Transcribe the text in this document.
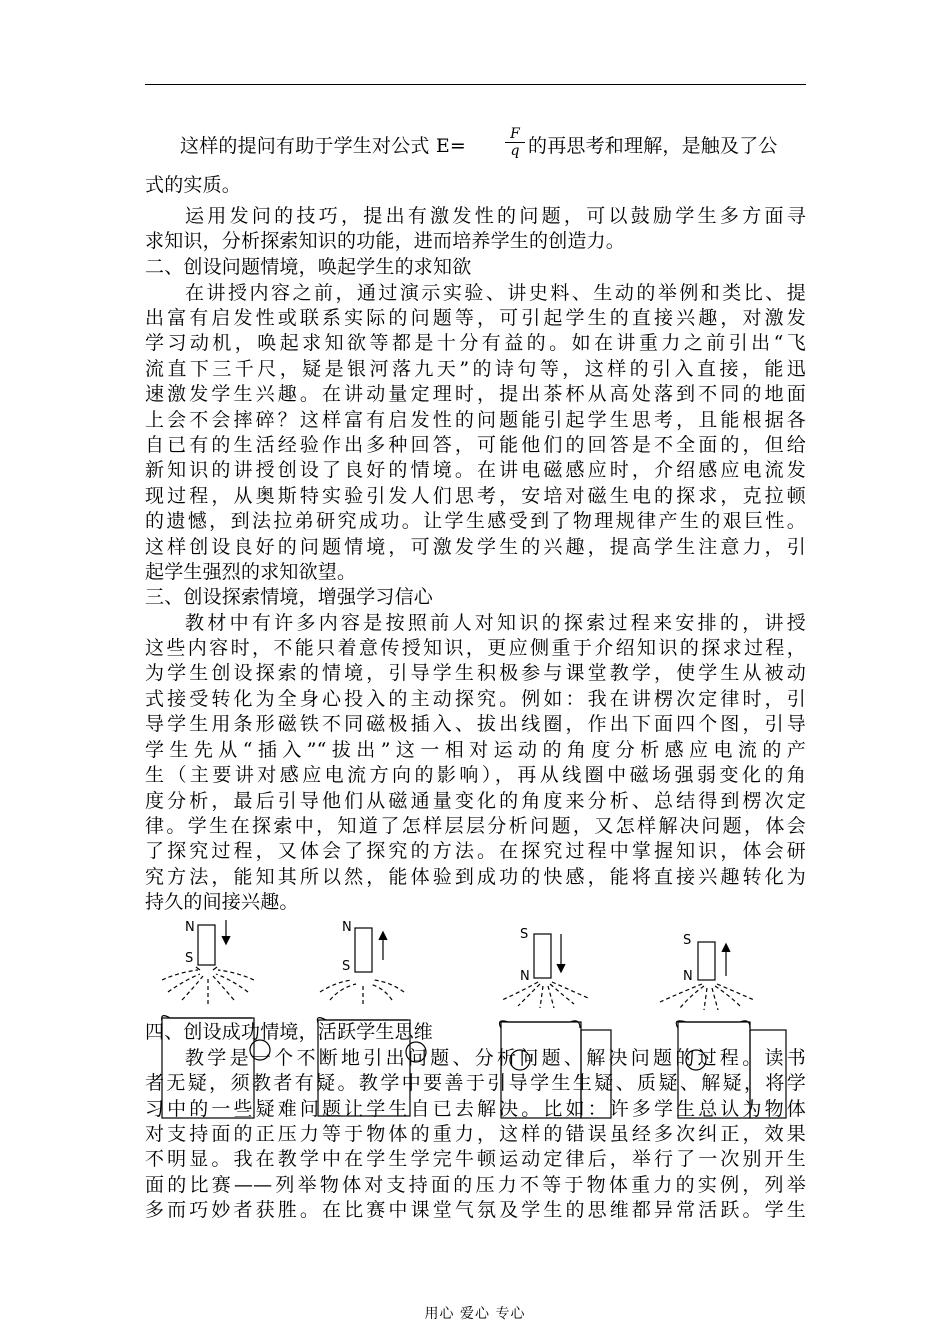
这样的提问有助于学生对公式 E=	$\frac{F}{q}$ 的再思考和理解，是触及了公
式的实质。
运用发问的技巧，提出有激发性的问题，可以鼓励学生多方面寻
求知识，分析探索知识的功能，进而培养学生的创造力。
二、创设问题情境，唤起学生的求知欲
在讲授内容之前，通过演示实验、讲史料、生动的举例和类比、提
出富有启发性或联系实际的问题等，可引起学生的直接兴趣，对激发
学习动机，唤起求知欲等都是十分有益的。如在讲重力之前引出“飞
流直下三千尺，疑是银河落九天”的诗句等，这样的引入直接，能迅
速激发学生兴趣。在讲动量定理时，提出茶杯从高处落到不同的地面
上会不会摔碎？这样富有启发性的问题能引起学生思考，且能根据各
自已有的生活经验作出多种回答，可能他们的回答是不全面的，但给
新知识的讲授创设了良好的情境。在讲电磁感应时，介绍感应电流发
现过程，从奥斯特实验引发人们思考，安培对磁生电的探求，克拉顿
的遗憾，到法拉弟研究成功。让学生感受到了物理规律产生的艰巨性。
这样创设良好的问题情境，可激发学生的兴趣，提高学生注意力，引
起学生强烈的求知欲望。
三、创设探索情境，增强学习信心
教材中有许多内容是按照前人对知识的探索过程来安排的，讲授
这些内容时，不能只着意传授知识，更应侧重于介绍知识的探求过程，
为学生创设探索的情境，引导学生积极参与课堂教学，使学生从被动
式接受转化为全身心投入的主动探究。例如：我在讲楞次定律时，引
导学生用条形磁铁不同磁极插入、拔出线圈，作出下面四个图，引导
学生先从“插入”“拔出”这一相对运动的角度分析感应电流的产
生（主要讲对感应电流方向的影响），再从线圈中磁场强弱变化的角
度分析，最后引导他们从磁通量变化的角度来分析、总结得到楞次定
律。学生在探索中，知道了怎样层层分析问题，又怎样解决问题，体会
了探究过程，又体会了探究的方法。在探究过程中掌握知识，体会研
究方法，能知其所以然，能体验到成功的快感，能将直接兴趣转化为
持久的间接兴趣。
N
S
N
S
S
N
S
N
四、创设成功情境，活跃学生思维
教学是一个不断地引出问题、分析问题、解决问题的过程。读书
者无疑，须教者有疑。教学中要善于引导学生生疑、质疑、解疑，将学
习中的一些疑难问题让学生自已去解决。比如：许多学生总认为物体
对支持面的正压力等于物体的重力，这样的错误虽经多次纠正，效果
不明显。我在教学中在学生学完牛顿运动定律后，举行了一次别开生
面的比赛——列举物体对支持面的压力不等于物体重力的实例，列举
多而巧妙者获胜。在比赛中课堂气氛及学生的思维都异常活跃。学生
用心 爱心 专心
